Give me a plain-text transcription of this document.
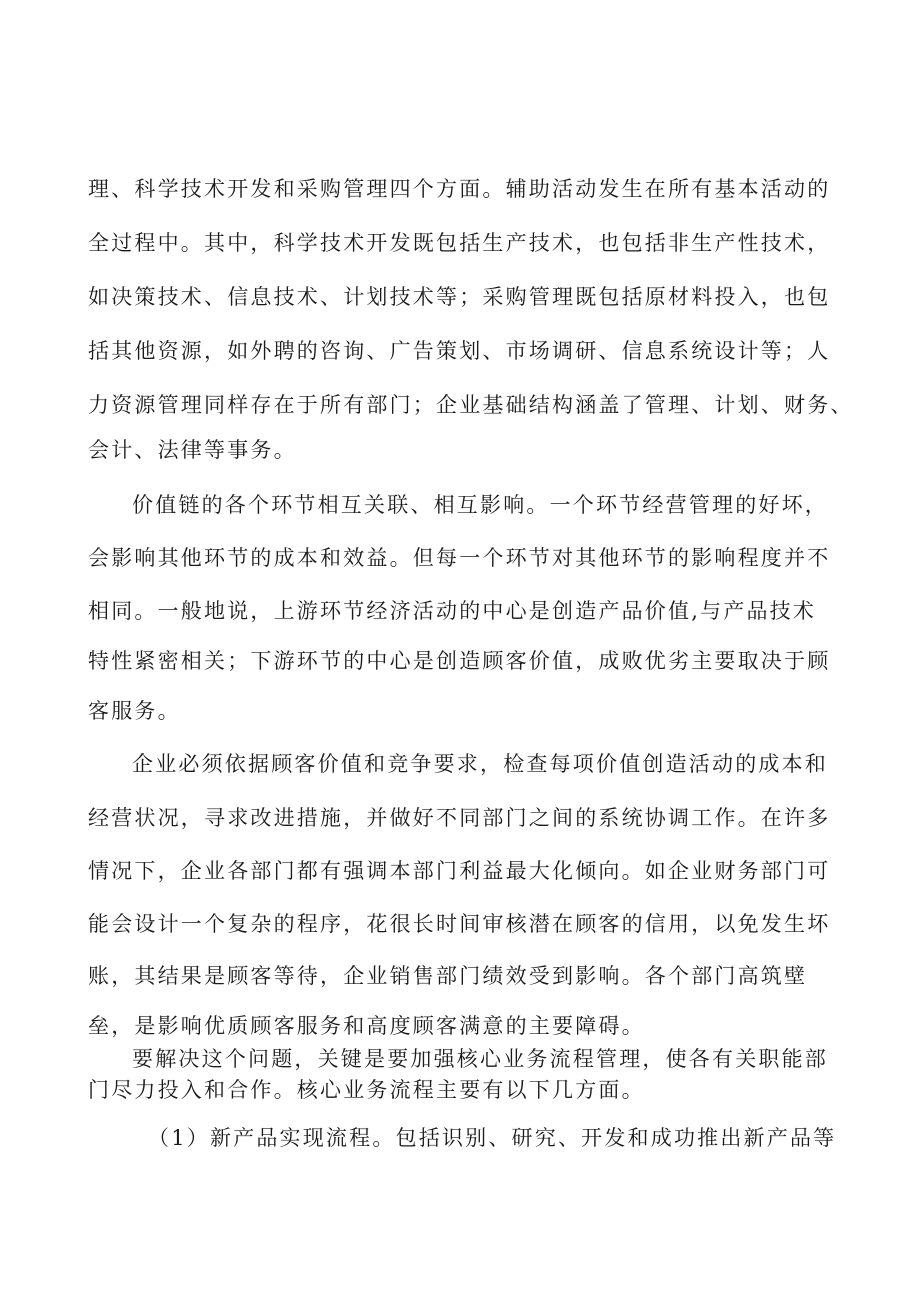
理、科学技术开发和采购管理四个方面。辅助活动发生在所有基本活动的
全过程中。其中，科学技术开发既包括生产技术，也包括非生产性技术，
如决策技术、信息技术、计划技术等；采购管理既包括原材料投入，也包
括其他资源，如外聘的咨询、广告策划、市场调研、信息系统设计等；人
力资源管理同样存在于所有部门；企业基础结构涵盖了管理、计划、财务、
会计、法律等事务。
价值链的各个环节相互关联、相互影响。一个环节经营管理的好坏，
会影响其他环节的成本和效益。但每一个环节对其他环节的影响程度并不
相同。一般地说，上游环节经济活动的中心是创造产品价值,与产品技术
特性紧密相关；下游环节的中心是创造顾客价值，成败优劣主要取决于顾
客服务。
企业必须依据顾客价值和竞争要求，检查每项价值创造活动的成本和
经营状况，寻求改进措施，并做好不同部门之间的系统协调工作。在许多
情况下，企业各部门都有强调本部门利益最大化倾向。如企业财务部门可
能会设计一个复杂的程序，花很长时间审核潜在顾客的信用，以免发生坏
账，其结果是顾客等待，企业销售部门绩效受到影响。各个部门高筑壁
垒，是影响优质顾客服务和高度顾客满意的主要障碍。
要解决这个问题，关键是要加强核心业务流程管理，使各有关职能部
门尽力投入和合作。核心业务流程主要有以下几方面。
（1）新产品实现流程。包括识别、研究、开发和成功推出新产品等
